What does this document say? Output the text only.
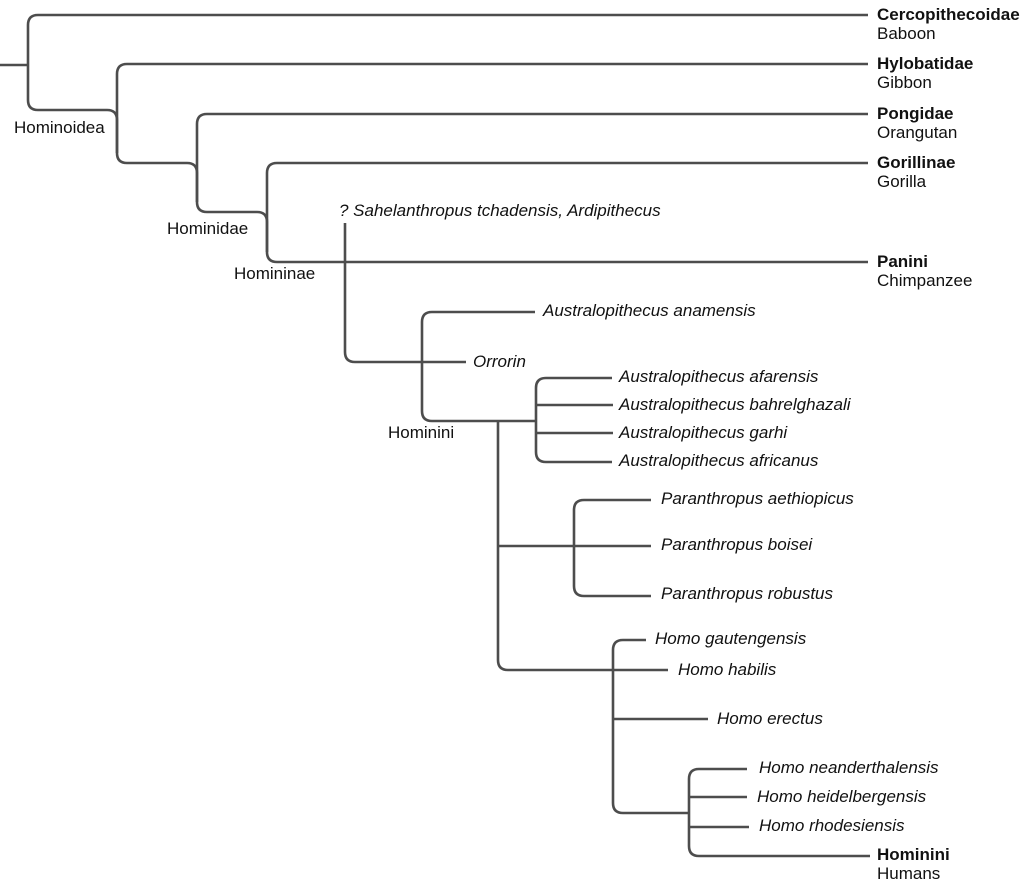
Hominoidea
Hominidae
Homininae
Hominini
? Sahelanthropus tchadensis, Ardipithecus
Australopithecus anamensis
Orrorin
Australopithecus afarensis
Australopithecus bahrelghazali
Australopithecus garhi
Australopithecus africanus
Paranthropus aethiopicus
Paranthropus boisei
Paranthropus robustus
Homo gautengensis
Homo habilis
Homo erectus
Homo neanderthalensis
Homo heidelbergensis
Homo rhodesiensis
Cercopithecoidae
Baboon
Hylobatidae
Gibbon
Pongidae
Orangutan
Gorillinae
Gorilla
Panini
Chimpanzee
Hominini
Humans
